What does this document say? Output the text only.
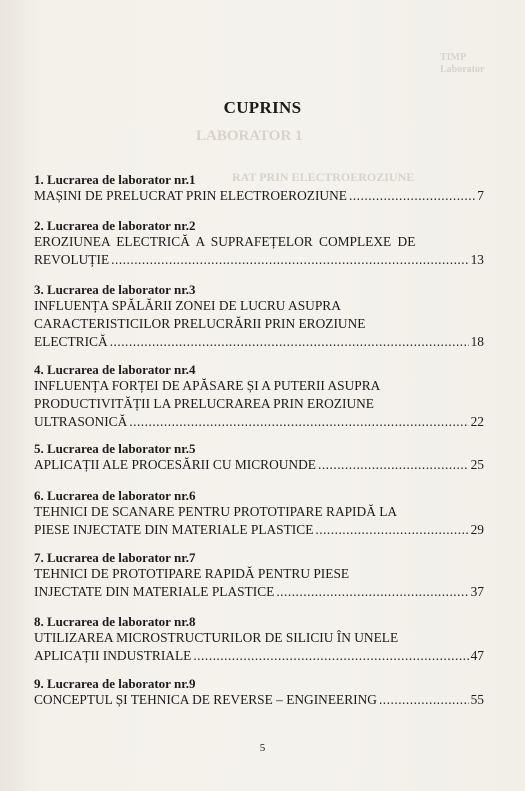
TIMP
Laborator
LABORATOR 1
RAT PRIN ELECTROEROZIUNE
CUPRINS
1. Lucrarea de laborator nr.1
MAȘINI DE PRELUCRAT PRIN ELECTROEROZIUNE .....	7
2. Lucrarea de laborator nr.2
EROZIUNEA ELECTRICĂ A SUPRAFEȚELOR COMPLEXE DE
REVOLUȚIE .....	13
3. Lucrarea de laborator nr.3
INFLUENȚA SPĂLĂRII ZONEI DE LUCRU ASUPRA
CARACTERISTICILOR PRELUCRĂRII PRIN EROZIUNE
ELECTRICĂ .....	18
4. Lucrarea de laborator nr.4
INFLUENȚA FORȚEI DE APĂSARE ȘI A PUTERII ASUPRA
PRODUCTIVITĂȚII LA PRELUCRAREA PRIN EROZIUNE
ULTRASONICĂ .....	22
5. Lucrarea de laborator nr.5
APLICAȚII ALE PROCESĂRII CU MICROUNDE .....	25
6. Lucrarea de laborator nr.6
TEHNICI DE SCANARE PENTRU PROTOTIPARE RAPIDĂ LA
PIESE INJECTATE DIN MATERIALE PLASTICE .....	29
7. Lucrarea de laborator nr.7
TEHNICI DE PROTOTIPARE RAPIDĂ PENTRU PIESE
INJECTATE DIN MATERIALE PLASTICE .....	37
8. Lucrarea de laborator nr.8
UTILIZAREA MICROSTRUCTURILOR DE SILICIU ÎN UNELE
APLICAȚII INDUSTRIALE .....	47
9. Lucrarea de laborator nr.9
CONCEPTUL ȘI TEHNICA DE REVERSE – ENGINEERING .....	55
5
